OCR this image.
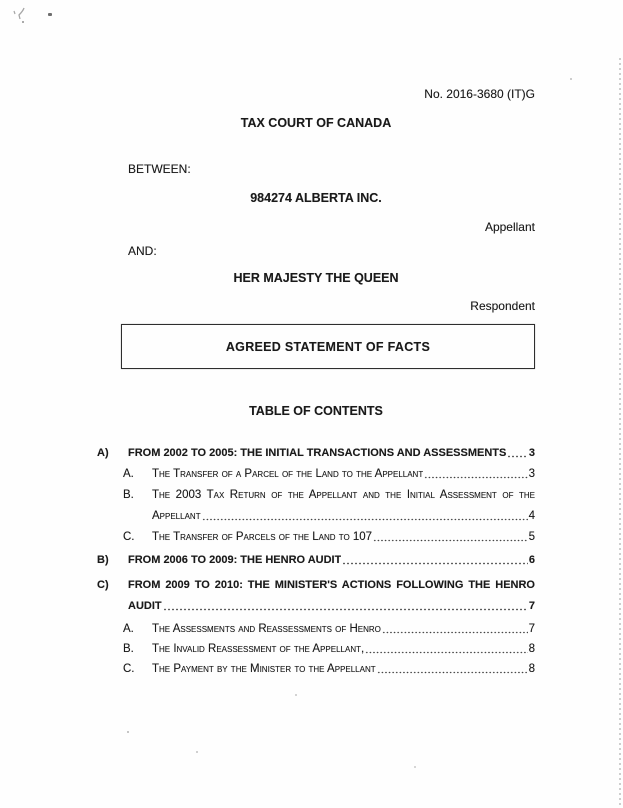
No. 2016-3680 (IT)G
TAX COURT OF CANADA
BETWEEN:
984274 ALBERTA INC.
Appellant
AND:
HER MAJESTY THE QUEEN
Respondent
AGREED STATEMENT OF FACTS
TABLE OF CONTENTS
A)	FROM 2002 TO 2005: THE INITIAL TRANSACTIONS AND ASSESSMENTS 3
A.	The Transfer of a Parcel of the Land to the Appellant	3
B.	The 2003 Tax Return of the Appellant and the Initial Assessment of the
Appellant	4
C.	The Transfer of Parcels of the Land to 107	5
B)	FROM 2006 TO 2009: THE HENRO AUDIT	6
C)	FROM 2009 TO 2010: THE MINISTER'S ACTIONS FOLLOWING THE HENRO
AUDIT	7
A.	The Assessments and Reassessments of Henro	7
B.	The Invalid Reassessment of the Appellant,	8
C.	The Payment by the Minister to the Appellant	8
